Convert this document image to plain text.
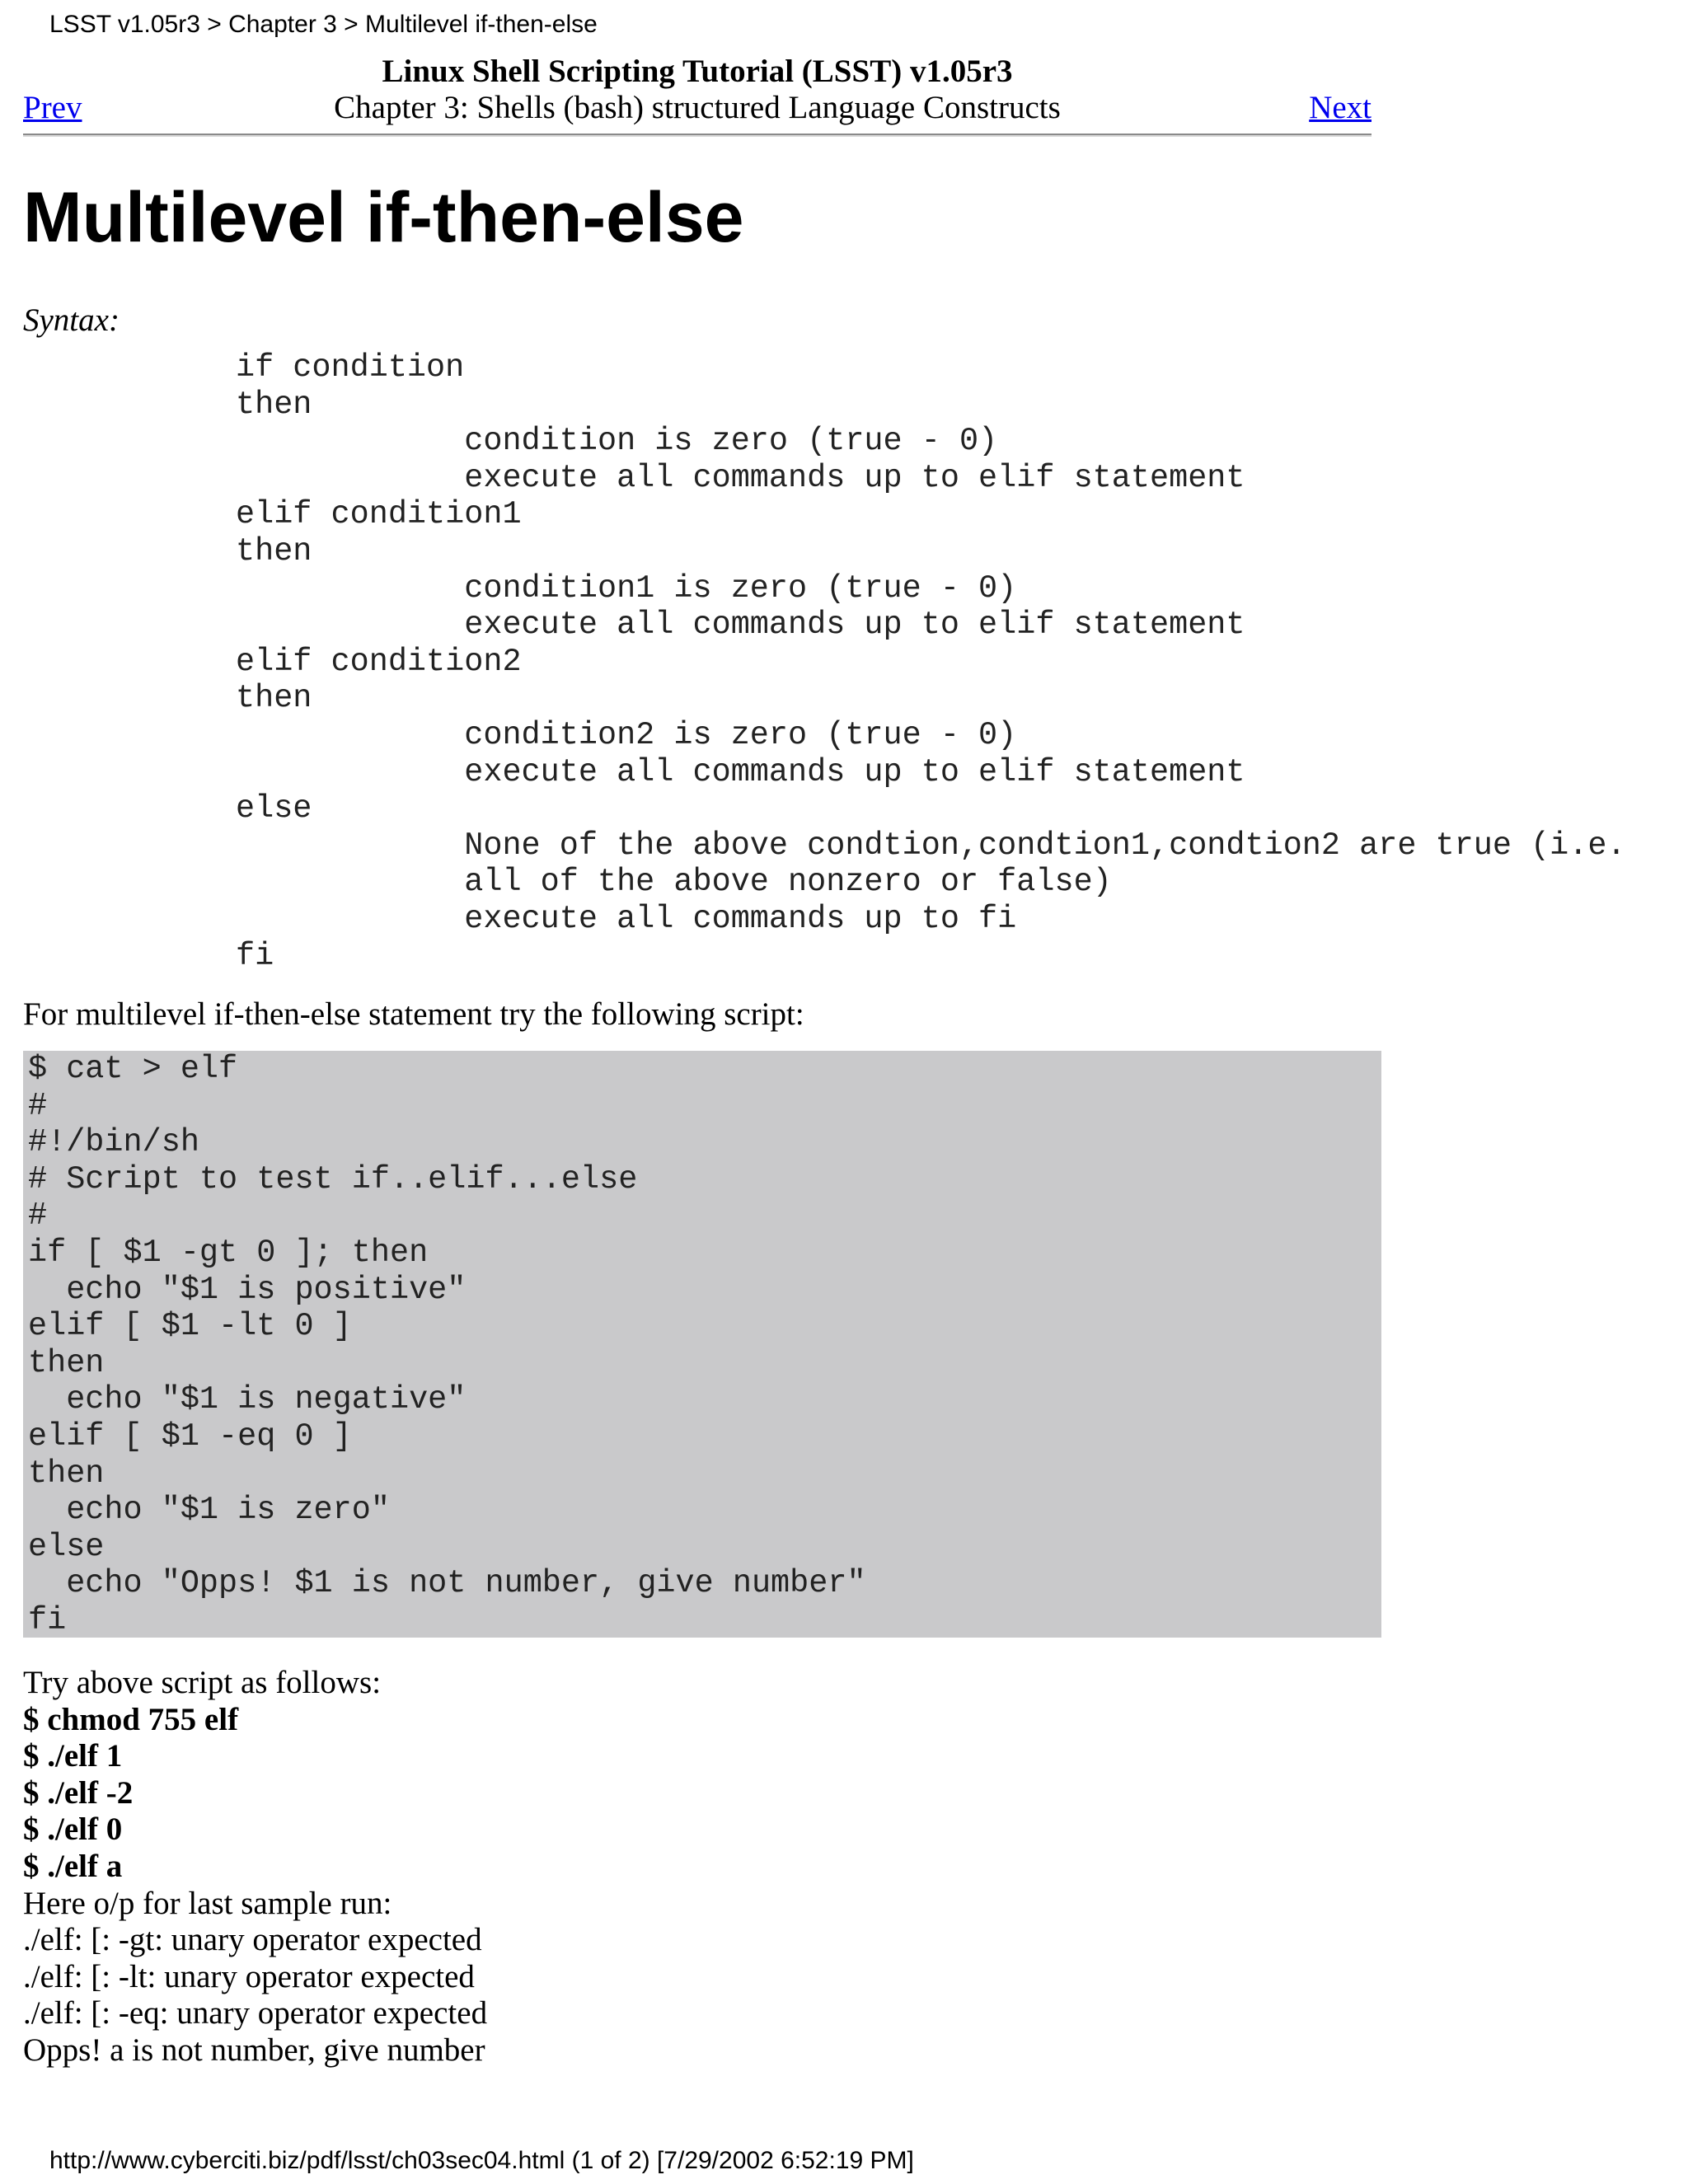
LSST v1.05r3 > Chapter 3 > Multilevel if-then-else
Linux Shell Scripting Tutorial (LSST) v1.05r3
Chapter 3: Shells (bash) structured Language Constructs
Prev	Next
Multilevel if-then-else
Syntax:
if condition
then
condition is zero (true - 0)
execute all commands up to elif statement
elif condition1
then
condition1 is zero (true - 0)
execute all commands up to elif statement
elif condition2
then
condition2 is zero (true - 0)
execute all commands up to elif statement
else
None of the above condtion,condtion1,condtion2 are true (i.e.
all of the above nonzero or false)
execute all commands up to fi
fi
For multilevel if-then-else statement try the following script:
$ cat > elf
#
#!/bin/sh
# Script to test if..elif...else
#
if [ $1 -gt 0 ]; then
echo "$1 is positive"
elif [ $1 -lt 0 ]
then
echo "$1 is negative"
elif [ $1 -eq 0 ]
then
echo "$1 is zero"
else
echo "Opps! $1 is not number, give number"
fi
Try above script as follows:
$ chmod 755 elf
$ ./elf 1
$ ./elf -2
$ ./elf 0
$ ./elf a
Here o/p for last sample run:
./elf: [: -gt: unary operator expected
./elf: [: -lt: unary operator expected
./elf: [: -eq: unary operator expected
Opps! a is not number, give number
http://www.cyberciti.biz/pdf/lsst/ch03sec04.html (1 of 2) [7/29/2002 6:52:19 PM]
